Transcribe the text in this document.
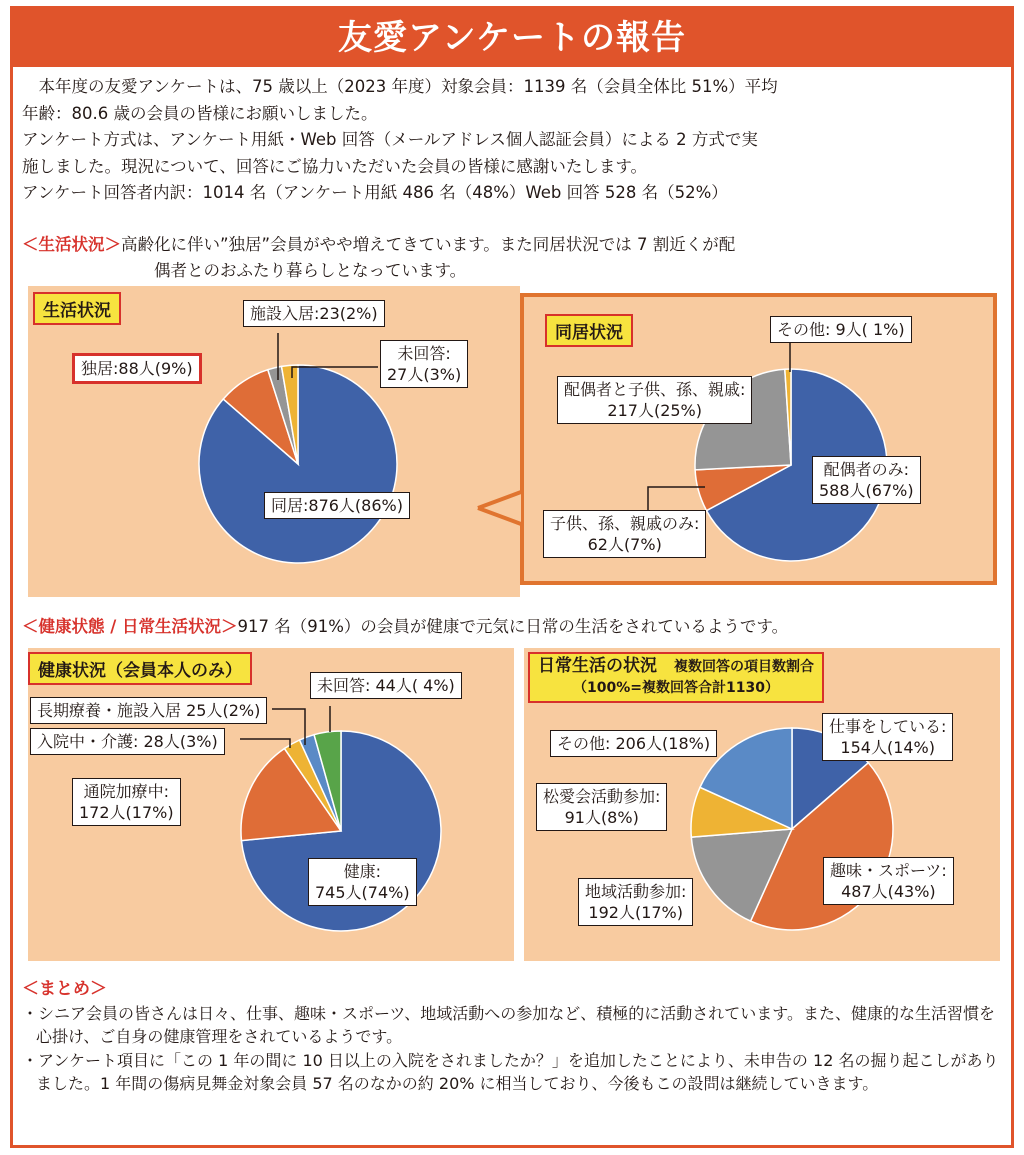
友愛アンケートの報告

　本年度の友愛アンケートは、75 歳以上（2023 年度）対象会員：1139 名（会員全体比 51%）平均

年齢：80.6 歳の会員の皆様にお願いしました。

アンケート方式は、アンケート用紙・Web 回答（メールアドレス個人認証会員）による 2 方式で実

施しました。現況について、回答にご協力いただいた会員の皆様に感謝いたします。

アンケート回答者内訳：1014 名（アンケート用紙 486 名（48%）Web 回答 528 名（52%）

＜生活状況＞高齢化に伴い”独居”会員がやや増えてきています。また同居状況では 7 割近くが配
偶者とのおふたり暮らしとなっています。
生活状況
独居:88人(9%)
施設入居:23(2%)
未回答:
27人(3%)
同居:876人(86%)
同居状況	その他: 9人( 1%)
配偶者と子供、孫、親戚:
217人(25%)
配偶者のみ:
588人(67%)
子供、孫、親戚のみ:
62人(7%)
＜健康状態 / 日常生活状況＞917 名（91%）の会員が健康で元気に日常の生活をされているようです。
健康状況（会員本人のみ）
未回答: 44人( 4%)
長期療養・施設入居 25人(2%)
入院中・介護: 28人(3%)
通院加療中:
172人(17%)
健康:
745人(74%)
日常生活の状況　 複数回答の項目数割合
（100%=複数回答合計1130）
その他: 206人(18%)
仕事をしている:
154人(14%)
松愛会活動参加:
91人(8%)
趣味・スポーツ:
487人(43%)
地域活動参加:
192人(17%)
＜まとめ＞
・シニア会員の皆さんは日々、仕事、趣味・スポーツ、地域活動への参加など、積極的に活動されています。また、健康的な生活習慣を心掛け、ご自身の健康管理をされているようです。
・アンケート項目に「この 1 年の間に 10 日以上の入院をされましたか？」を追加したことにより、未申告の 12 名の掘り起こしがありました。1 年間の傷病見舞金対象会員 57 名のなかの約 20% に相当しており、今後もこの設問は継続していきます。
